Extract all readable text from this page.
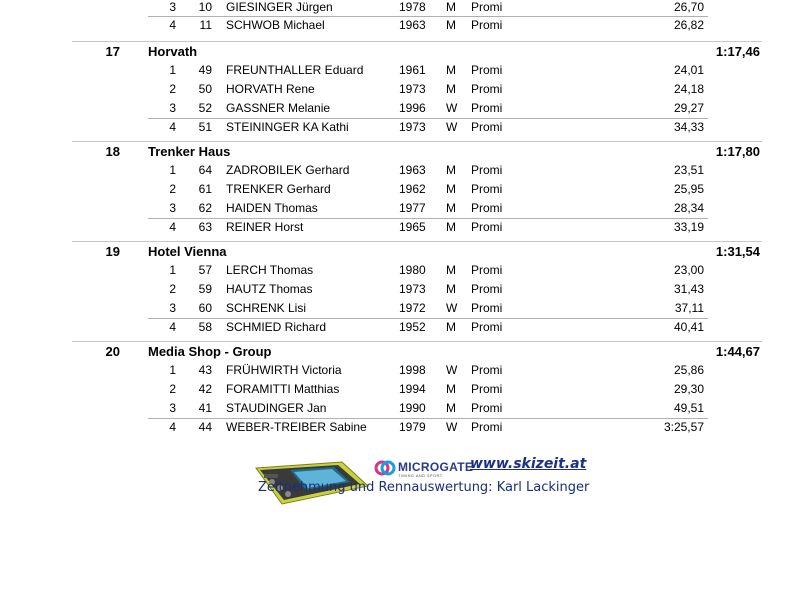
3	10 GIESINGER Jürgen	1978 M Promi	26,70
4	11 SCHWOB Michael	1963 M Promi	26,82
17 Horvath	1:17,46
1	49 FREUNTHALLER Eduard	1961 M Promi	24,01
2	50 HORVATH Rene	1973 M Promi	24,18
3	52 GASSNER Melanie	1996 W Promi	29,27
4	51 STEININGER KA Kathi	1973 W Promi	34,33
18 Trenker Haus	1:17,80
1	64 ZADROBILEK Gerhard	1963 M Promi	23,51
2	61 TRENKER Gerhard	1962 M Promi	25,95
3	62 HAIDEN Thomas	1977 M Promi	28,34
4	63 REINER Horst	1965 M Promi	33,19
19 Hotel Vienna	1:31,54
1	57 LERCH Thomas	1980 M Promi	23,00
2	59 HAUTZ Thomas	1973 M Promi	31,43
3	60 SCHRENK Lisi	1972 W Promi	37,11
4	58 SCHMIED Richard	1952 M Promi	40,41
20 Media Shop - Group	1:44,67
1	43 FRÜHWIRTH Victoria	1998 W Promi	25,86
2	42 FORAMITTI Matthias	1994 M Promi	29,30
3	41 STAUDINGER Jan	1990 M Promi	49,51
4	44 WEBER-TREIBER Sabine	1979 W Promi	3:25,57
MICROGATE
TIMING AND SPORT
www.skizeit.at
Zeitnehmung und Rennauswertung: Karl Lackinger
